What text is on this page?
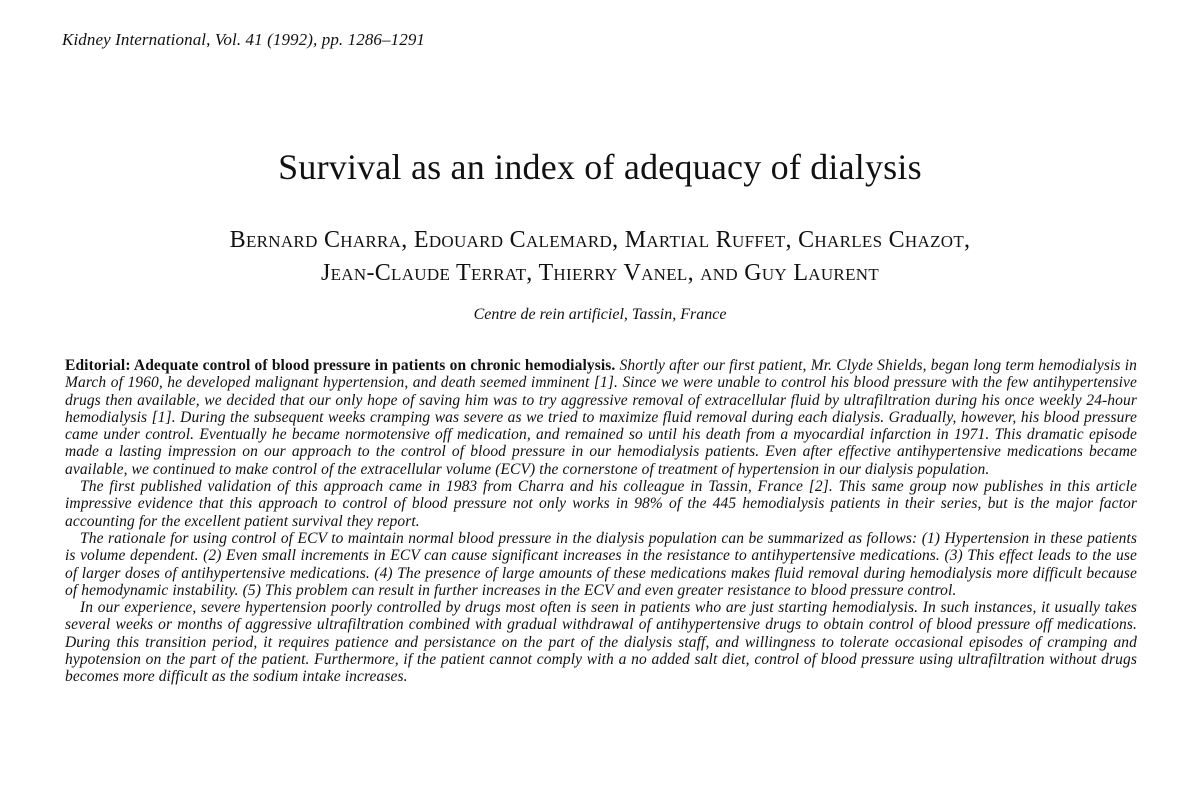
Kidney International, Vol. 41 (1992), pp. 1286–1291
Survival as an index of adequacy of dialysis
Bernard Charra, Edouard Calemard, Martial Ruffet, Charles Chazot,
Jean-Claude Terrat, Thierry Vanel, and Guy Laurent
Centre de rein artificiel, Tassin, France

Editorial: Adequate control of blood pressure in patients on chronic hemodialysis. Shortly after our first patient, Mr. Clyde Shields, began long term hemodialysis in March of 1960, he developed malignant hypertension, and death seemed imminent [1]. Since we were unable to control his blood pressure with the few antihypertensive drugs then available, we decided that our only hope of saving him was to try aggressive removal of extracellular fluid by ultrafiltration during his once weekly 24-hour hemodialysis [1]. During the subsequent weeks cramping was severe as we tried to maximize fluid removal during each dialysis. Gradually, however, his blood pressure came under control. Eventually he became normotensive off medication, and remained so until his death from a myocardial infarction in 1971. This dramatic episode made a lasting impression on our approach to the control of blood pressure in our hemodialysis patients. Even after effective antihypertensive medications became available, we continued to make control of the extracellular volume (ECV) the cornerstone of treatment of hypertension in our dialysis population.

The first published validation of this approach came in 1983 from Charra and his colleague in Tassin, France [2]. This same group now publishes in this article impressive evidence that this approach to control of blood pressure not only works in 98% of the 445 hemodialysis patients in their series, but is the major factor accounting for the excellent patient survival they report.

The rationale for using control of ECV to maintain normal blood pressure in the dialysis population can be summarized as follows: (1) Hypertension in these patients is volume dependent. (2) Even small increments in ECV can cause significant increases in the resistance to antihypertensive medications. (3) This effect leads to the use of larger doses of antihypertensive medications. (4) The presence of large amounts of these medications makes fluid removal during hemodialysis more difficult because of hemodynamic instability. (5) This problem can result in further increases in the ECV and even greater resistance to blood pressure control.

In our experience, severe hypertension poorly controlled by drugs most often is seen in patients who are just starting hemodialysis. In such instances, it usually takes several weeks or months of aggressive ultrafiltration combined with gradual withdrawal of antihypertensive drugs to obtain control of blood pressure off medications. During this transition period, it requires patience and persistance on the part of the dialysis staff, and willingness to tolerate occasional episodes of cramping and hypotension on the part of the patient. Furthermore, if the patient cannot comply with a no added salt diet, control of blood pressure using ultrafiltration without drugs becomes more difficult as the sodium intake increases.
